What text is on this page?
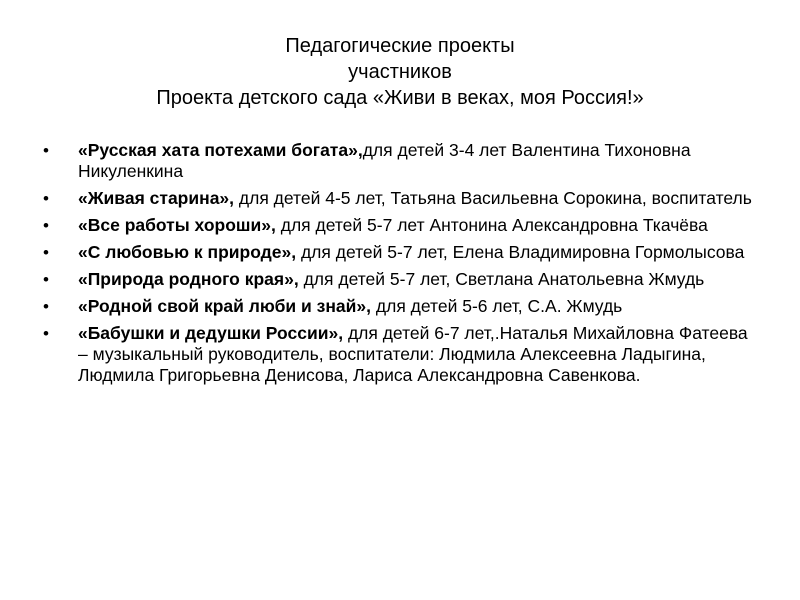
Педагогические проекты
участников
Проекта детского сада «Живи в веках, моя Россия!»
• «Русская хата потехами богата»,для детей 3-4 лет Валентина Тихоновна Никуленкина
• «Живая старина», для детей 4-5 лет, Татьяна Васильевна Сорокина, воспитатель
• «Все работы хороши», для детей 5-7 лет Антонина Александровна Ткачёва
• «С любовью к природе», для детей 5-7 лет, Елена Владимировна Гормолысова
• «Природа родного края», для детей 5-7 лет, Светлана Анатольевна Жмудь
• «Родной свой край люби и знай», для детей 5-6 лет, С.А. Жмудь
• «Бабушки и дедушки России», для детей 6-7 лет,.Наталья Михайловна Фатеева – музыкальный руководитель, воспитатели: Людмила Алексеевна Ладыгина, Людмила Григорьевна Денисова, Лариса Александровна Савенкова.
